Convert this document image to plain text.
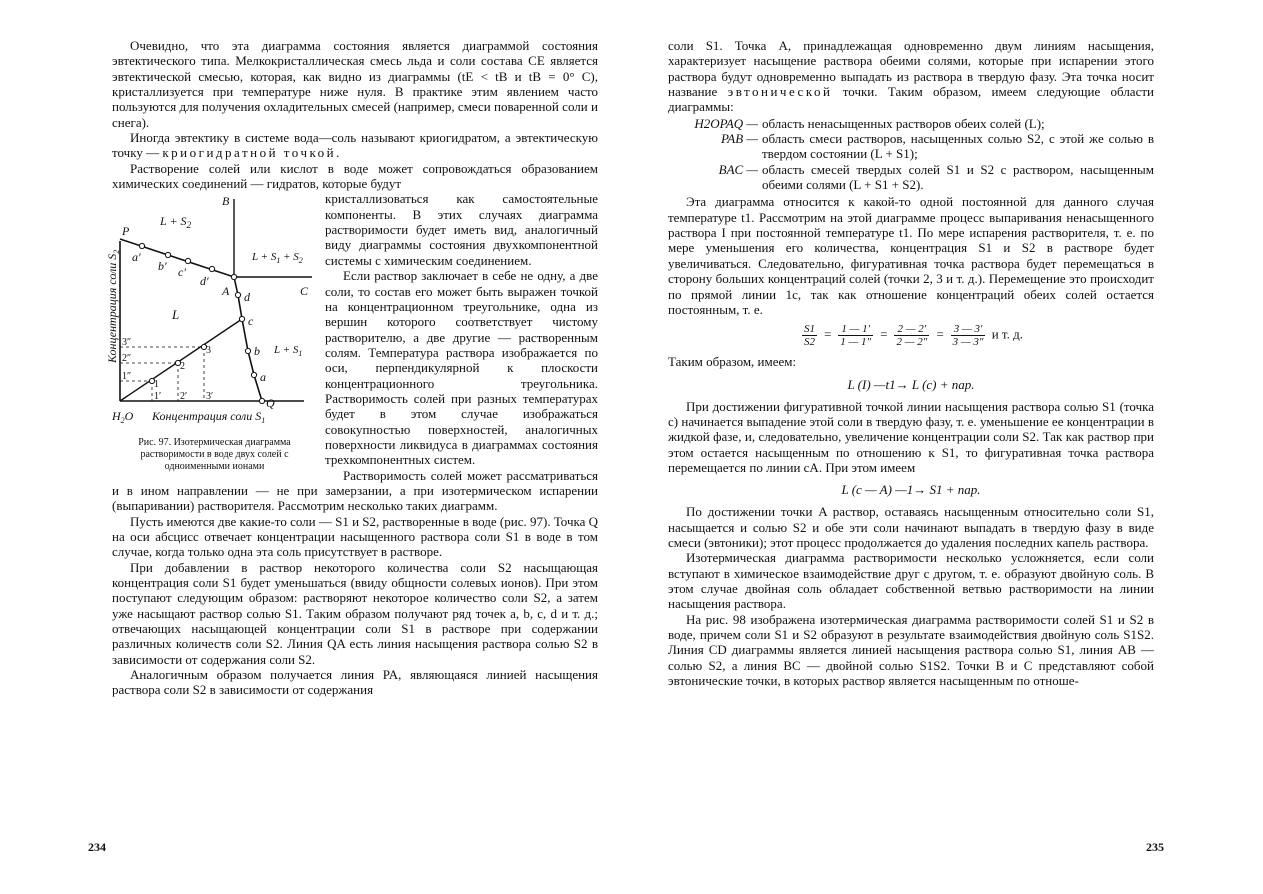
Очевидно, что эта диаграмма состояния является диаграммой состояния эвтектического типа. Мелкокристаллическая смесь льда и соли состава CE является эвтектической смесью, которая, как видно из диаграммы (tE < tB и tB = 0° C), кристаллизуется при температуре ниже нуля. В практике этим явлением часто пользуются для получения охладительных смесей (например, смеси поваренной соли и снега).

Иногда эвтектику в системе вода—соль называют криогидратом, а эвтектическую точку — криогидратной точкой.

Растворение солей или кислот в воде может сопровождаться образованием химических соединений — гидратов, которые будут

$L + S_2$
$L + S_1 + S_2$
L
$L + S_1$
P
a′
b′ c′
d′
A
B
C
d
c
b
a
Q
1
2
3
1′ 2′ 3′
1″
2″
3″
$H_2O$ Концентрация соли $S_1$
Концентрация соли $S_2$
Рис. 97. Изотермическая диаграмма растворимости в воде двух солей с одноименными ионами

кристаллизоваться как самостоятельные компоненты. В этих случаях диаграмма растворимости будет иметь вид, аналогичный виду диаграммы состояния двухкомпонентной системы с химическим соединением.

Если раствор заключает в себе не одну, а две соли, то состав его может быть выражен точкой на концентрационном треугольнике, одна из вершин которого соответствует чистому растворителю, а две другие — растворенным солям. Температура раствора изображается по оси, перпендикулярной к плоскости концентрационного треугольника. Растворимость солей при разных температурах будет в этом случае изображаться совокупностью поверхностей, аналогичных поверхности ликвидуса в диаграммах состояния трехкомпонентных систем.

Растворимость солей может рассматриваться и в ином направлении — не при замерзании, а при изотермическом испарении (выпаривании) растворителя. Рассмотрим несколько таких диаграмм.

Пусть имеются две какие-то соли — S1 и S2, растворенные в воде (рис. 97). Точка Q на оси абсцисс отвечает концентрации насыщенного раствора соли S1 в воде в том случае, когда только одна эта соль присутствует в растворе.

При добавлении в раствор некоторого количества соли S2 насыщающая концентрация соли S1 будет уменьшаться (ввиду общности солевых ионов). При этом поступают следующим образом: растворяют некоторое количество соли S2, а затем уже насыщают раствор солью S1. Таким образом получают ряд точек a, b, c, d и т. д.; отвечающих насыщающей концентрации соли S1 в растворе при содержании различных количеств соли S2. Линия QA есть линия насыщения раствора солью S2 в зависимости от содержания соли S2.

Аналогичным образом получается линия PA, являющаяся линией насыщения раствора соли S2 в зависимости от содержания

234

соли S1. Точка A, принадлежащая одновременно двум линиям насыщения, характеризует насыщение раствора обеими солями, которые при испарении этого раствора будут одновременно выпадать из раствора в твердую фазу. Эта точка носит название эвтонической точки. Таким образом, имеем следующие области диаграммы:

H2OPAQ — область ненасыщенных растворов обеих солей (L);
PAB — область смеси растворов, насыщенных солью S2, с этой же солью в твердом состоянии (L + S1);
BAC — область смесей твердых солей S1 и S2 с раствором, насыщенным обеими солями (L + S1 + S2).

Эта диаграмма относится к какой-то одной постоянной для данного случая температуре t1. Рассмотрим на этой диаграмме процесс выпаривания ненасыщенного раствора I при постоянной температуре t1. По мере испарения растворителя, т. е. по мере уменьшения его количества, концентрация S1 и S2 в растворе будет увеличиваться. Следовательно, фигуративная точка раствора будет перемещаться в сторону больших концентраций солей (точки 2, 3 и т. д.). Перемещение это происходит по прямой линии 1c, так как отношение концентраций обеих солей остается постоянным, т. е.

$\frac{S1}{S2} = \frac{1 — 1'}{1 — 1''} = \frac{2 — 2'}{2 — 2''} = \frac{3 — 3'}{3 — 3''}$ и т. д.

Таким образом, имеем:

L (I) —t1→ L (c) + пар.

При достижении фигуративной точкой линии насыщения раствора солью S1 (точка c) начинается выпадение этой соли в твердую фазу, т. е. уменьшение ее концентрации в жидкой фазе, и, следовательно, увеличение концентрации соли S2. Так как раствор при этом остается насыщенным по отношению к S1, то фигуративная точка раствора перемещается по линии cA. При этом имеем

L (c — A) —1→ S1 + пар.

По достижении точки A раствор, оставаясь насыщенным относительно соли S1, насыщается и солью S2 и обе эти соли начинают выпадать в твердую фазу в виде смеси (эвтоники); этот процесс продолжается до удаления последних капель раствора.

Изотермическая диаграмма растворимости несколько усложняется, если соли вступают в химическое взаимодействие друг с другом, т. е. образуют двойную соль. В этом случае двойная соль обладает собственной ветвью растворимости на линии насыщения раствора.

На рис. 98 изображена изотермическая диаграмма растворимости солей S1 и S2 в воде, причем соли S1 и S2 образуют в результате взаимодействия двойную соль S1S2. Линия CD диаграммы является линией насыщения раствора солью S1, линия AB — солью S2, а линия BC — двойной солью S1S2. Точки B и C представляют собой эвтонические точки, в которых раствор является насыщенным по отноше-

235
